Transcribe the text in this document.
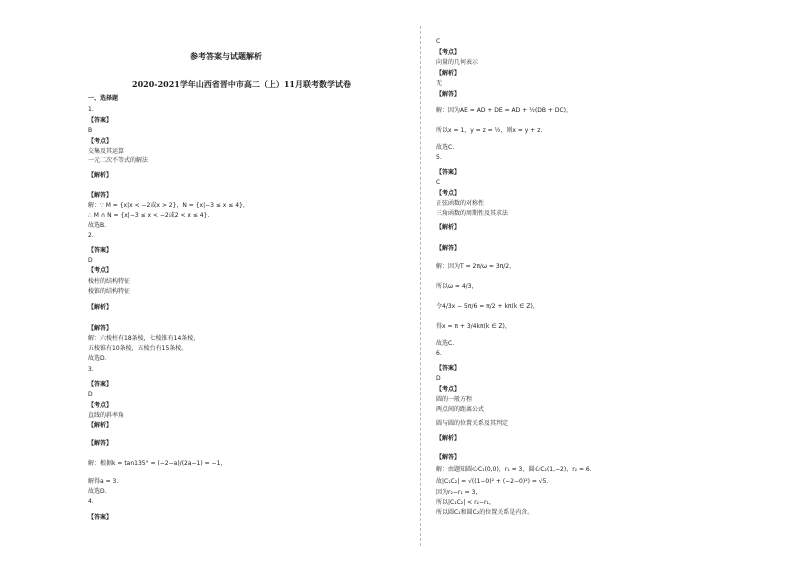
参考答案与试题解析
2020-2021学年山西省晋中市高二（上）11月联考数学试卷
一、选择题
1.
【答案】
B
【考点】
交集及其运算
一元二次不等式的解法
【解析】
【解答】
解：∵ M = {x|x < −2或x > 2}，N = {x|−3 ≤ x ≤ 4}，
∴ M ∩ N = {x|−3 ≤ x < −2或2 < x ≤ 4}.
故选B.
2.
【答案】
D
【考点】
棱柱的结构特征
棱锥的结构特征
【解析】
【解答】
解：六棱柱有18条棱，七棱锥有14条棱，
五棱锥有10条棱，五棱台有15条棱。
故选D.
3.
【答案】
D
【考点】
直线的斜率角
【解析】
【解答】
解：根据k = tan135° = (−2−a)/(2a−1) = −1，
解得a = 3.
故选D.
4.
【答案】
C
【考点】
向量的几何表示
【解析】
无
【解答】
解：因为AE = AD + DE = AD + ½(DB + DC)，
所以x = 1，y = z = ½，则x = y + z.
故选C.
5.
【答案】
C
【考点】
正弦函数的对称性
三角函数的周期性及其求法
【解析】
【解答】
解：因为T = 2π/ω = 3π/2，
所以ω = 4/3，
令4/3x − 5π/6 = π/2 + kπ(k ∈ Z)，
得x = π + 3/4kπ(k ∈ Z)，
故选C.
6.
【答案】
D
【考点】
圆的一般方程
两点间的距离公式
圆与圆的位置关系及其判定
【解析】
【解答】
解：由题知圆心C₁(0,0)，r₁ = 3，圆心C₂(1,−2)，r₂ = 6.
故|C₁C₂| = √((1−0)² + (−2−0)²) = √5.
因为r₂−r₁ = 3，
所以|C₁C₂| < r₂−r₁，
所以圆C₁和圆C₂的位置关系是内含。
